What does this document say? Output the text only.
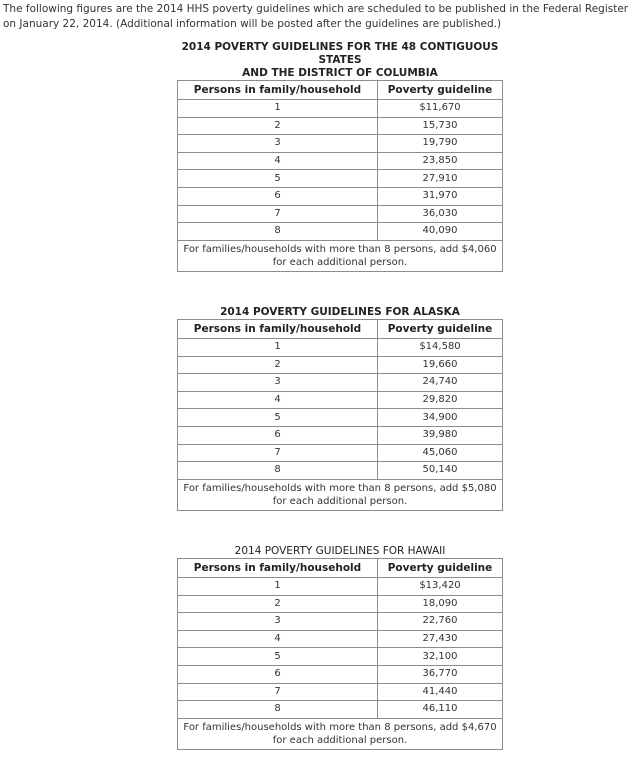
The following figures are the 2014 HHS poverty guidelines which are scheduled to be published in the Federal Register on January 22, 2014. (Additional information will be posted after the guidelines are published.)
2014 POVERTY GUIDELINES FOR THE 48 CONTIGUOUS
STATES
AND THE DISTRICT OF COLUMBIA
Persons in family/household	Poverty guideline
1	$11,670
2	15,730
3	19,790
4	23,850
5	27,910
6	31,970
7	36,030
8	40,090
For families/households with more than 8 persons, add $4,060 for each additional person.	
2014 POVERTY GUIDELINES FOR ALASKA
Persons in family/household	Poverty guideline
1	$14,580
2	19,660
3	24,740
4	29,820
5	34,900
6	39,980
7	45,060
8	50,140
For families/households with more than 8 persons, add $5,080 for each additional person.	
2014 POVERTY GUIDELINES FOR HAWAII
Persons in family/household	Poverty guideline
1	$13,420
2	18,090
3	22,760
4	27,430
5	32,100
6	36,770
7	41,440
8	46,110
For families/households with more than 8 persons, add $4,670 for each additional person.	
